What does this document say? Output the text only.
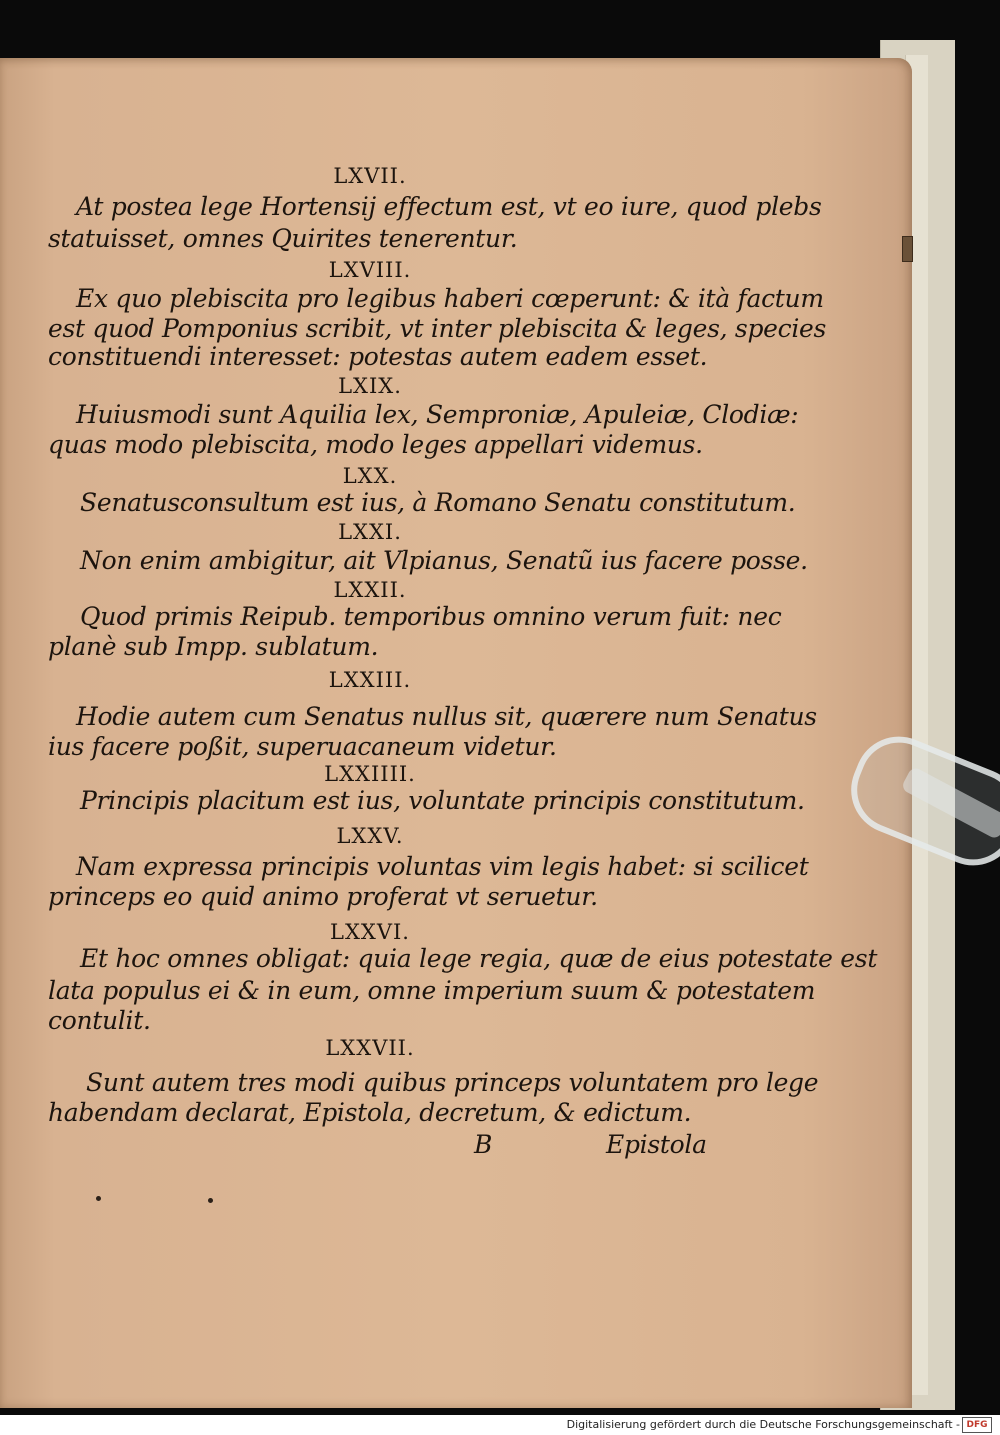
LXVII.
At postea lege Hortensij effectum est, vt eo iure, quod plebs
statuisset, omnes Quirites tenerentur.
LXVIII.
Ex quo plebiscita pro legibus haberi cœperunt: & ità factum
est quod Pomponius scribit, vt inter plebiscita & leges, species
constituendi interesset: potestas autem eadem esset.
LXIX.
Huiusmodi sunt Aquilia lex, Semproniæ, Apuleiæ, Clodiæ:
quas modo plebiscita, modo leges appellari videmus.
LXX.
Senatusconsultum est ius, à Romano Senatu constitutum.
LXXI.
Non enim ambigitur, ait Vlpianus, Senatũ ius facere posse.
LXXII.
Quod primis Reipub. temporibus omnino verum fuit: nec
planè sub Impp. sublatum.
LXXIII.
Hodie autem cum Senatus nullus sit, quærere num Senatus
ius facere poßit, superuacaneum videtur.
LXXIIII.
Principis placitum est ius, voluntate principis constitutum.
LXXV.
Nam expressa principis voluntas vim legis habet: si scilicet
princeps eo quid animo proferat vt seruetur.
LXXVI.
Et hoc omnes obligat: quia lege regia, quæ de eius potestate est
lata populus ei & in eum, omne imperium suum & potestatem
contulit.
LXXVII.
Sunt autem tres modi quibus princeps voluntatem pro lege
habendam declarat, Epistola, decretum, & edictum.
B	Epistola
Digitalisierung gefördert durch die Deutsche Forschungsgemeinschaft - DFG
